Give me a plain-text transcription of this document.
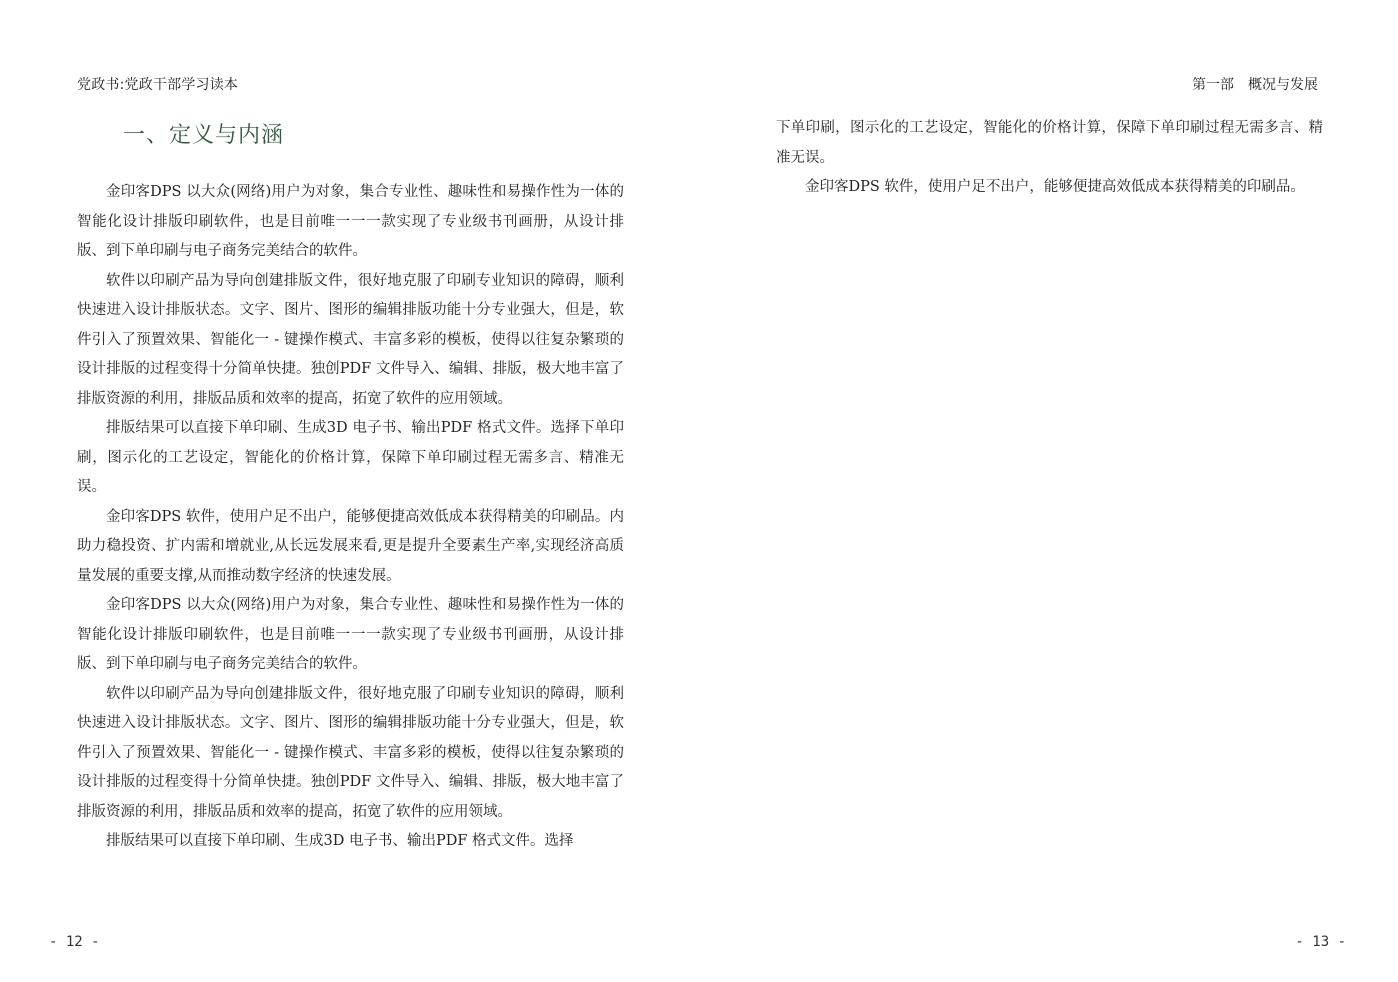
党政书:党政干部学习读本	第一部 概况与发展
一、定义与内涵

金印客DPS 以大众(网络)用户为对象，集合专业性、趣味性和易操作性为一体的智能化设计排版印刷软件，也是目前唯一一一款实现了专业级书刊画册，从设计排版、到下单印刷与电子商务完美结合的软件。

软件以印刷产品为导向创建排版文件，很好地克服了印刷专业知识的障碍，顺利快速进入设计排版状态。文字、图片、图形的编辑排版功能十分专业强大，但是，软件引入了预置效果、智能化一 - 键操作模式、丰富多彩的模板，使得以往复杂繁琐的设计排版的过程变得十分简单快捷。独创PDF 文件导入、编辑、排版，极大地丰富了排版资源的利用，排版品质和效率的提高，拓宽了软件的应用领域。

排版结果可以直接下单印刷、生成3D 电子书、输出PDF 格式文件。选择下单印刷，图示化的工艺设定，智能化的价格计算，保障下单印刷过程无需多言、精准无误。

金印客DPS 软件，使用户足不出户，能够便捷高效低成本获得精美的印刷品。内助力稳投资、扩内需和增就业,从长远发展来看,更是提升全要素生产率,实现经济高质量发展的重要支撑,从而推动数字经济的快速发展。

金印客DPS 以大众(网络)用户为对象，集合专业性、趣味性和易操作性为一体的智能化设计排版印刷软件，也是目前唯一一一款实现了专业级书刊画册，从设计排版、到下单印刷与电子商务完美结合的软件。

软件以印刷产品为导向创建排版文件，很好地克服了印刷专业知识的障碍，顺利快速进入设计排版状态。文字、图片、图形的编辑排版功能十分专业强大，但是，软件引入了预置效果、智能化一 - 键操作模式、丰富多彩的模板，使得以往复杂繁琐的设计排版的过程变得十分简单快捷。独创PDF 文件导入、编辑、排版，极大地丰富了排版资源的利用，排版品质和效率的提高，拓宽了软件的应用领域。

排版结果可以直接下单印刷、生成3D 电子书、输出PDF 格式文件。选择

下单印刷，图示化的工艺设定，智能化的价格计算，保障下单印刷过程无需多言、精准无误。

金印客DPS 软件，使用户足不出户，能够便捷高效低成本获得精美的印刷品。

- 12 -	- 13 -
